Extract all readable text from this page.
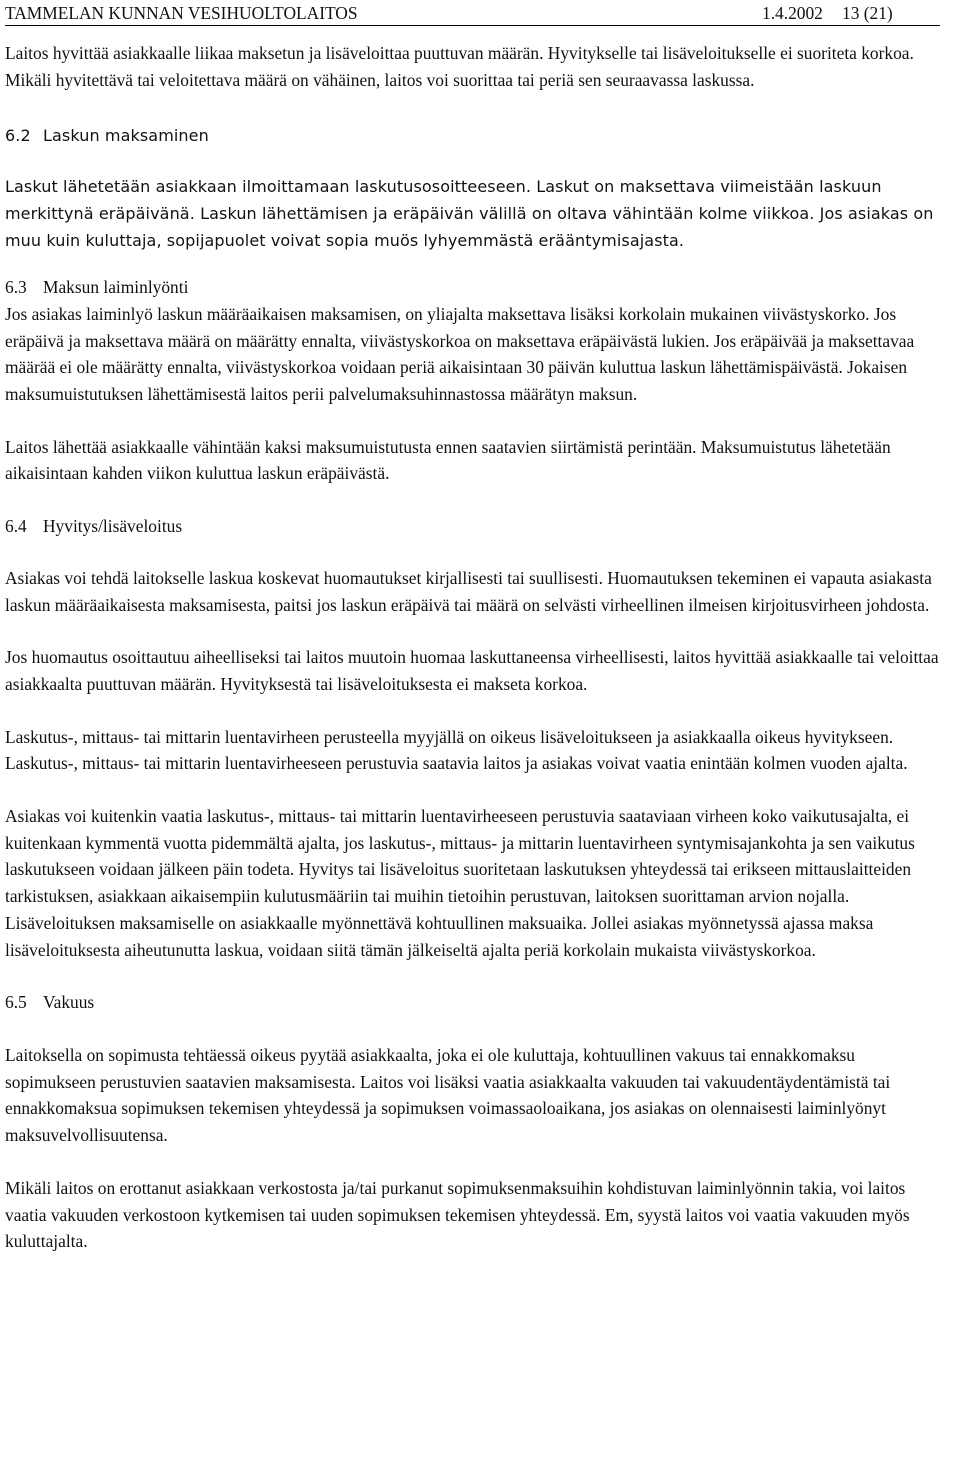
TAMMELAN KUNNAN VESIHUOLTOLAITOS	1.4.2002 13 (21)

Laitos hyvittää asiakkaalle liikaa maksetun ja lisäveloittaa puuttuvan määrän. Hyvitykselle tai lisäveloitukselle ei suoriteta korkoa. Mikäli hyvitettävä tai veloitettava määrä on vähäinen, laitos voi suorittaa tai periä sen seuraavassa laskussa.

6.2 Laskun maksaminen

Laskut lähetetään asiakkaan ilmoittamaan laskutusosoitteeseen. Laskut on maksettava viimeistään laskuun merkittynä eräpäivänä. Laskun lähettämisen ja eräpäivän välillä on oltava vähintään kolme viikkoa. Jos asiakas on muu kuin kuluttaja, sopijapuolet voivat sopia muös lyhyemmästä erääntymisajasta.

6.3 Maksun laiminlyönti

Jos asiakas laiminlyö laskun määräaikaisen maksamisen, on yliajalta maksettava lisäksi korkolain mukainen viivästyskorko. Jos eräpäivä ja maksettava määrä on määrätty ennalta, viivästyskorkoa on maksettava eräpäivästä lukien. Jos eräpäivää ja maksettavaa määrää ei ole määrätty ennalta, viivästyskorkoa voidaan periä aikaisintaan 30 päivän kuluttua laskun lähettämispäivästä. Jokaisen maksumuistutuksen lähettämisestä laitos perii palvelumaksuhinnastossa määrätyn maksun.

Laitos lähettää asiakkaalle vähintään kaksi maksumuistutusta ennen saatavien siirtämistä perintään. Maksumuistutus lähetetään aikaisintaan kahden viikon kuluttua laskun eräpäivästä.

6.4 Hyvitys/lisäveloitus

Asiakas voi tehdä laitokselle laskua koskevat huomautukset kirjallisesti tai suullisesti. Huomautuksen tekeminen ei vapauta asiakasta laskun määräaikaisesta maksamisesta, paitsi jos laskun eräpäivä tai määrä on selvästi virheellinen ilmeisen kirjoitusvirheen johdosta.

Jos huomautus osoittautuu aiheelliseksi tai laitos muutoin huomaa laskuttaneensa virheellisesti, laitos hyvittää asiakkaalle tai veloittaa asiakkaalta puuttuvan määrän. Hyvityksestä tai lisäveloituksesta ei makseta korkoa.

Laskutus-, mittaus- tai mittarin luentavirheen perusteella myyjällä on oikeus lisäveloitukseen ja asiakkaalla oikeus hyvitykseen. Laskutus-, mittaus- tai mittarin luentavirheeseen perustuvia saatavia laitos ja asiakas voivat vaatia enintään kolmen vuoden ajalta.

Asiakas voi kuitenkin vaatia laskutus-, mittaus- tai mittarin luentavirheeseen perustuvia saataviaan virheen koko vaikutusajalta, ei kuitenkaan kymmentä vuotta pidemmältä ajalta, jos laskutus-, mittaus- ja mittarin luentavirheen syntymisajankohta ja sen vaikutus laskutukseen voidaan jälkeen päin todeta. Hyvitys tai lisäveloitus suoritetaan laskutuksen yhteydessä tai erikseen mittauslaitteiden tarkistuksen, asiakkaan aikaisempiin kulutusmääriin tai muihin tietoihin perustuvan, laitoksen suorittaman arvion nojalla. Lisäveloituksen maksamiselle on asiakkaalle myönnettävä kohtuullinen maksuaika. Jollei asiakas myönnetyssä ajassa maksa lisäveloituksesta aiheutunutta laskua, voidaan siitä tämän jälkeiseltä ajalta periä korkolain mukaista viivästyskorkoa.

6.5 Vakuus

Laitoksella on sopimusta tehtäessä oikeus pyytää asiakkaalta, joka ei ole kuluttaja, kohtuullinen vakuus tai ennakkomaksu sopimukseen perustuvien saatavien maksamisesta. Laitos voi lisäksi vaatia asiakkaalta vakuuden tai vakuudentäydentämistä tai ennakkomaksua sopimuksen tekemisen yhteydessä ja sopimuksen voimassaoloaikana, jos asiakas on olennaisesti laiminlyönyt maksuvelvollisuutensa.

Mikäli laitos on erottanut asiakkaan verkostosta ja/tai purkanut sopimuksenmaksuihin kohdistuvan laiminlyönnin takia, voi laitos vaatia vakuuden verkostoon kytkemisen tai uuden sopimuksen tekemisen yhteydessä. Em, syystä laitos voi vaatia vakuuden myös kuluttajalta.
